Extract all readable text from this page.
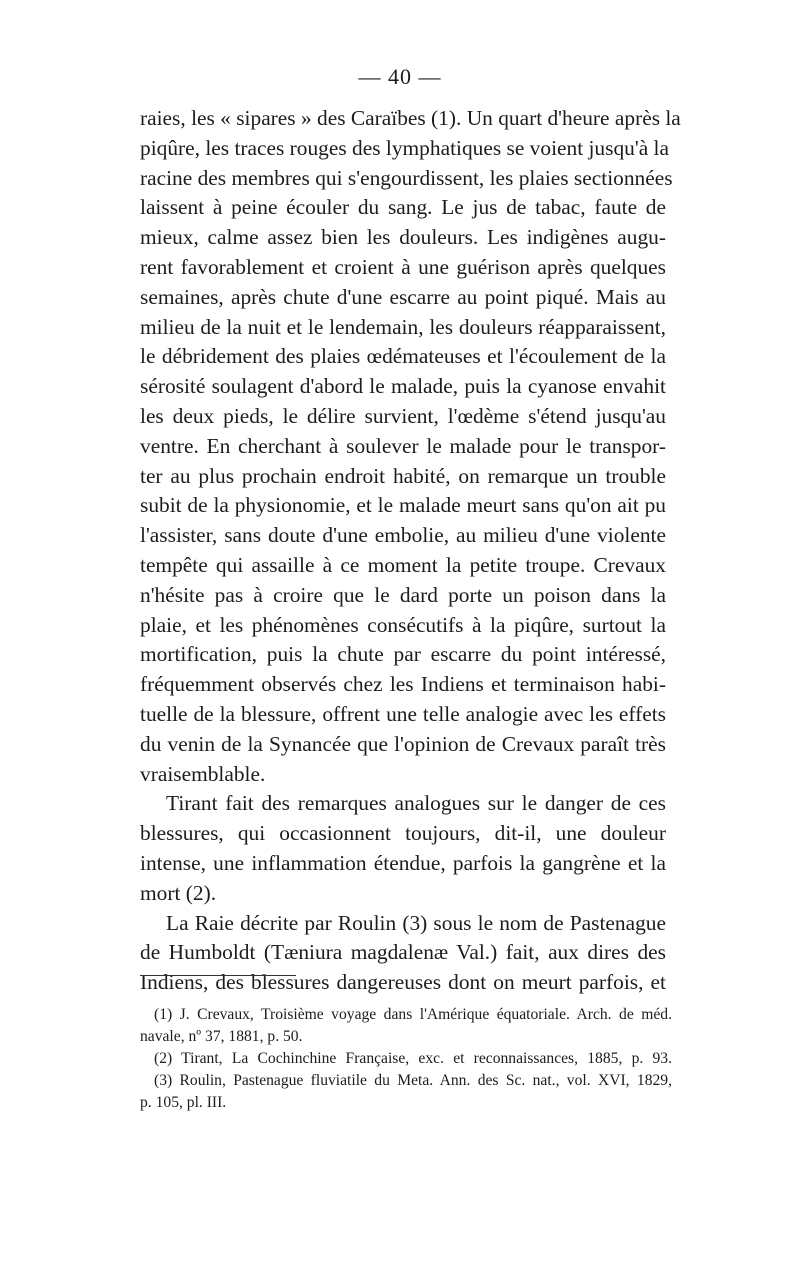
— 40 —
raies, les « sipares » des Caraïbes (1). Un quart d'heure après la
piqûre, les traces rouges des lymphatiques se voient jusqu'à la
racine des membres qui s'engourdissent, les plaies sectionnées
laissent à peine écouler du sang. Le jus de tabac, faute de
mieux, calme assez bien les douleurs. Les indigènes augu-
rent favorablement et croient à une guérison après quelques
semaines, après chute d'une escarre au point piqué. Mais au
milieu de la nuit et le lendemain, les douleurs réapparaissent,
le débridement des plaies œdémateuses et l'écoulement de la
sérosité soulagent d'abord le malade, puis la cyanose envahit
les deux pieds, le délire survient, l'œdème s'étend jusqu'au
ventre. En cherchant à soulever le malade pour le transpor-
ter au plus prochain endroit habité, on remarque un trouble
subit de la physionomie, et le malade meurt sans qu'on ait pu
l'assister, sans doute d'une embolie, au milieu d'une violente
tempête qui assaille à ce moment la petite troupe. Crevaux
n'hésite pas à croire que le dard porte un poison dans la
plaie, et les phénomènes consécutifs à la piqûre, surtout la
mortification, puis la chute par escarre du point intéressé,
fréquemment observés chez les Indiens et terminaison habi-
tuelle de la blessure, offrent une telle analogie avec les effets
du venin de la Synancée que l'opinion de Crevaux paraît très
vraisemblable.
Tirant fait des remarques analogues sur le danger de ces
blessures, qui occasionnent toujours, dit-il, une douleur
intense, une inflammation étendue, parfois la gangrène et la
mort (2).
La Raie décrite par Roulin (3) sous le nom de Pastenague
de Humboldt (Tæniura magdalenæ Val.) fait, aux dires des
Indiens, des blessures dangereuses dont on meurt parfois, et
(1) J. Crevaux, Troisième voyage dans l'Amérique équatoriale. Arch. de méd.
navale, nº 37, 1881, p. 50.
(2) Tirant, La Cochinchine Française, exc. et reconnaissances, 1885, p. 93.
(3) Roulin, Pastenague fluviatile du Meta. Ann. des Sc. nat., vol. XVI, 1829,
p. 105, pl. III.
